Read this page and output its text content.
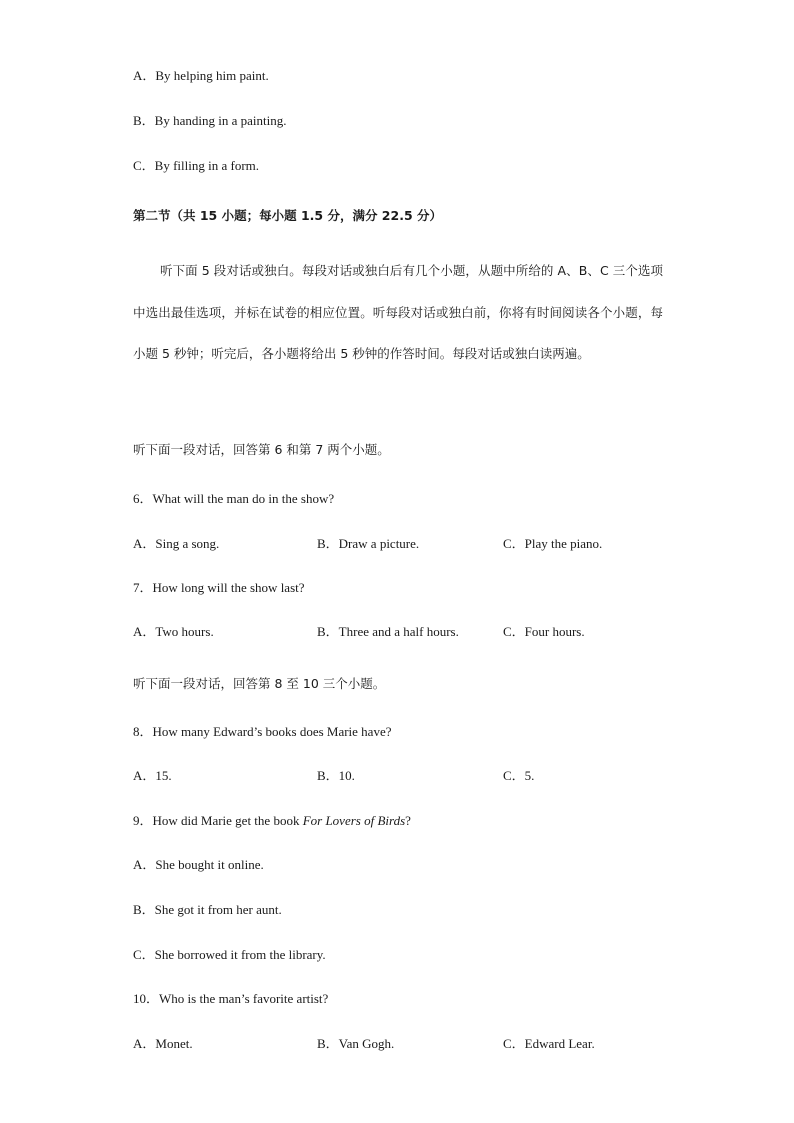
A．By helping him paint.
B．By handing in a painting.
C．By filling in a form.
第二节（共 15 小题；每小题 1.5 分，满分 22.5 分）

听下面 5 段对话或独白。每段对话或独白后有几个小题，从题中所给的 A、B、C 三个选项中选出最佳选项，并标在试卷的相应位置。听每段对话或独白前，你将有时间阅读各个小题，每小题 5 秒钟；听完后，各小题将给出 5 秒钟的作答时间。每段对话或独白读两遍。

听下面一段对话，回答第 6 和第 7 两个小题。
6．What will the man do in the show?
A．Sing a song.	B．Draw a picture.	C．Play the piano.
7．How long will the show last?
A．Two hours.	B．Three and a half hours.	C．Four hours.
听下面一段对话，回答第 8 至 10 三个小题。
8．How many Edward’s books does Marie have?
A．15.	B．10.	C．5.
9．How did Marie get the book For Lovers of Birds?
A．She bought it online.
B．She got it from her aunt.
C．She borrowed it from the library.
10．Who is the man’s favorite artist?
A．Monet.	B．Van Gogh.	C．Edward Lear.
